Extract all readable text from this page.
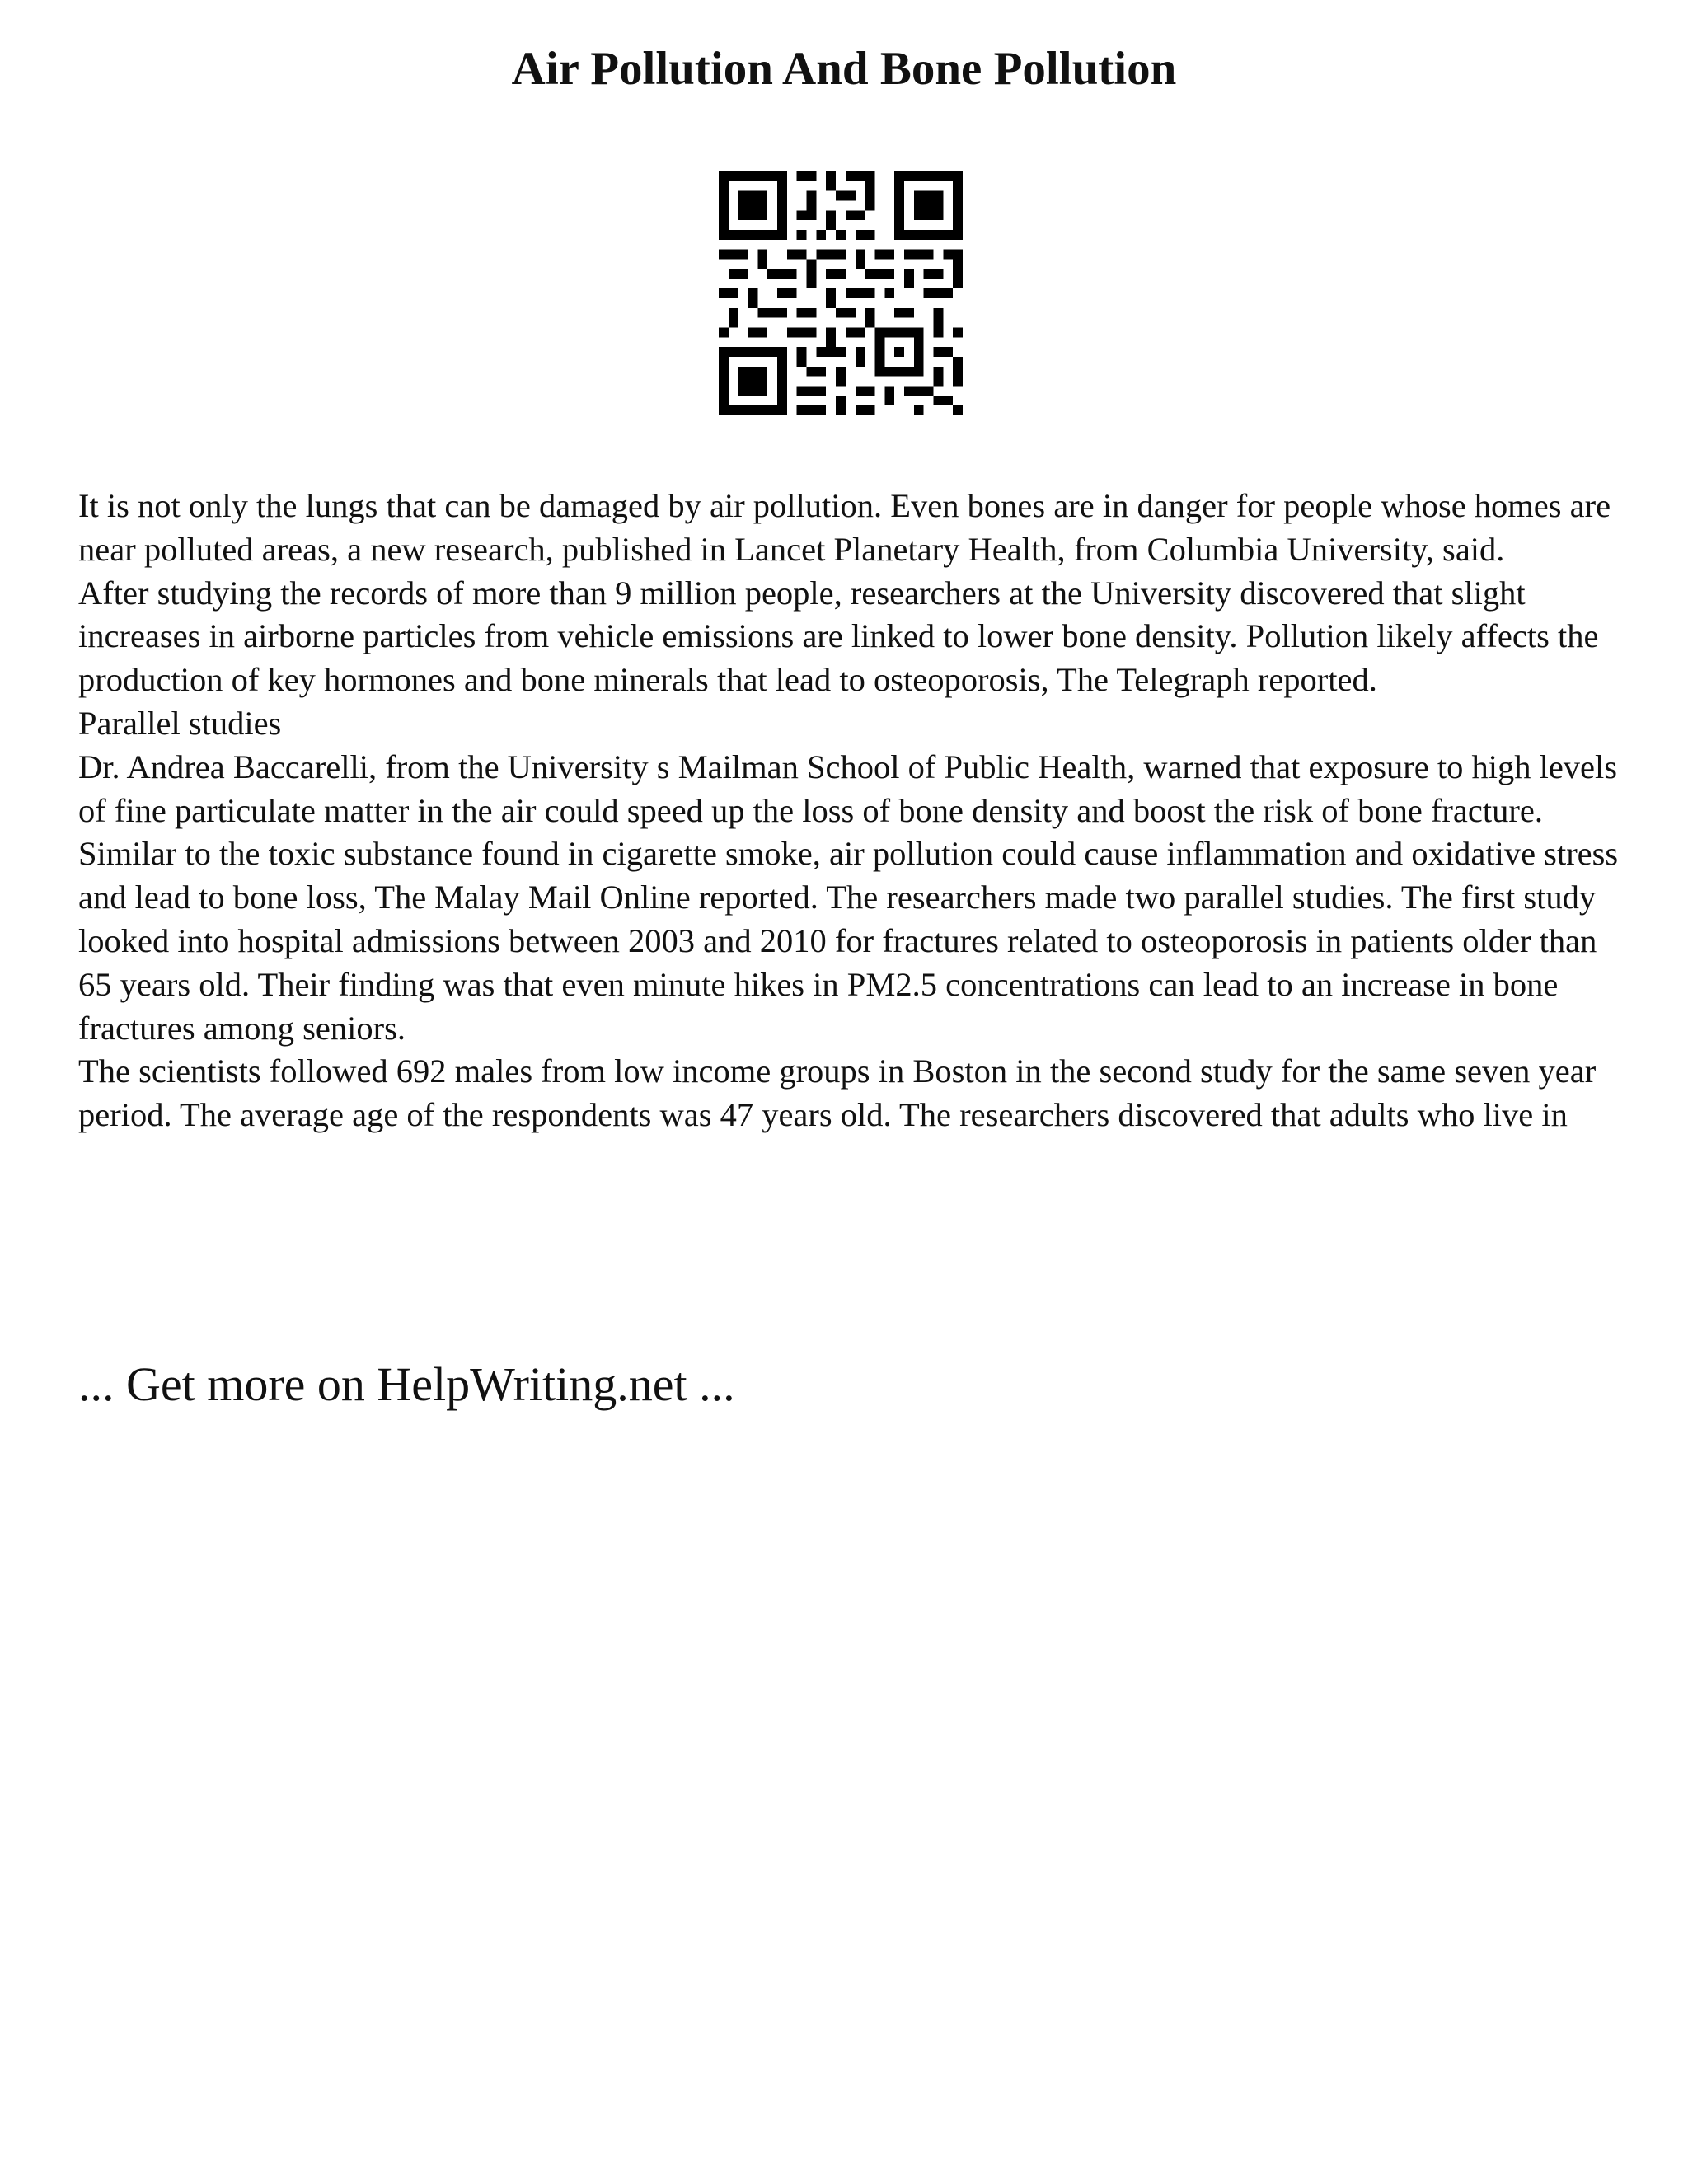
Air Pollution And Bone Pollution

It is not only the lungs that can be damaged by air pollution. Even bones are in danger for people whose homes are near polluted areas, a new research, published in Lancet Planetary Health, from Columbia University, said.

After studying the records of more than 9 million people, researchers at the University discovered that slight increases in airborne particles from vehicle emissions are linked to lower bone density. Pollution likely affects the production of key hormones and bone minerals that lead to osteoporosis, The Telegraph reported.

Parallel studies

Dr. Andrea Baccarelli, from the University s Mailman School of Public Health, warned that exposure to high levels of fine particulate matter in the air could speed up the loss of bone density and boost the risk of bone fracture. Similar to the toxic substance found in cigarette smoke, air pollution could cause inflammation and oxidative stress and lead to bone loss, The Malay Mail Online reported. The researchers made two parallel studies. The first study looked into hospital admissions between 2003 and 2010 for fractures related to osteoporosis in patients older than 65 years old. Their finding was that even minute hikes in PM2.5 concentrations can lead to an increase in bone fractures among seniors.

The scientists followed 692 males from low income groups in Boston in the second study for the same seven year period. The average age of the respondents was 47 years old. The researchers discovered that adults who live in

... Get more on HelpWriting.net ...
